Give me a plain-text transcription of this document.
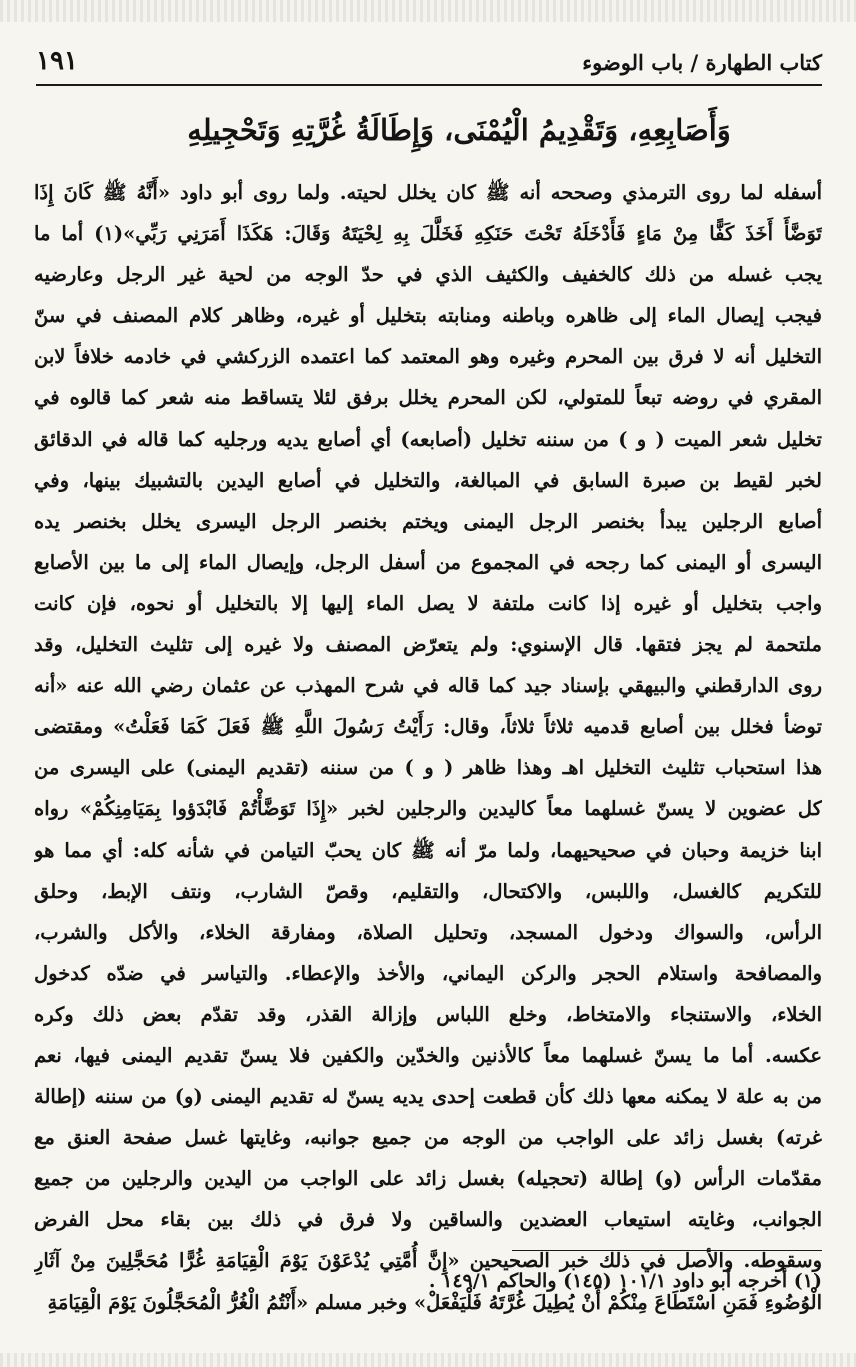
كتاب الطهارة / باب الوضوء
١٩١
وَأَصَابِعِهِ، وَتَقْدِيمُ الْيُمْنَى، وَإِطَالَةُ غُرَّتِهِ وَتَحْجِيلِهِ
أسفله لما روى الترمذي وصححه أنه ﷺ كان يخلل لحيته. ولما روى أبو داود «أَنَّهُ ﷺ كَانَ إِذَا
تَوَضَّأَ أَخَذَ كَفًّا مِنْ مَاءٍ فَأَدْخَلَهُ تَحْتَ حَنَكِهِ فَخَلَّلَ بِهِ لِحْيَتَهُ وَقَالَ: هَكَذَا أَمَرَنِي رَبِّي»(١) أما ما
يجب غسله من ذلك كالخفيف والكثيف الذي في حدّ الوجه من لحية غير الرجل وعارضيه
فيجب إيصال الماء إلى ظاهره وباطنه ومنابته بتخليل أو غيره، وظاهر كلام المصنف في سنّ
التخليل أنه لا فرق بين المحرم وغيره وهو المعتمد كما اعتمده الزركشي في خادمه خلافاً لابن
المقري في روضه تبعاً للمتولي، لكن المحرم يخلل برفق لئلا يتساقط منه شعر كما قالوه في
تخليل شعر الميت ( و ) من سننه تخليل (أصابعه) أي أصابع يديه ورجليه كما قاله في الدقائق
لخبر لقيط بن صبرة السابق في المبالغة، والتخليل في أصابع اليدين بالتشبيك بينها، وفي
أصابع الرجلين يبدأ بخنصر الرجل اليمنى ويختم بخنصر الرجل اليسرى يخلل بخنصر يده
اليسرى أو اليمنى كما رجحه في المجموع من أسفل الرجل، وإيصال الماء إلى ما بين الأصابع
واجب بتخليل أو غيره إذا كانت ملتفة لا يصل الماء إليها إلا بالتخليل أو نحوه، فإن كانت
ملتحمة لم يجز فتقها. قال الإسنوي: ولم يتعرّض المصنف ولا غيره إلى تثليث التخليل، وقد
روى الدارقطني والبيهقي بإسناد جيد كما قاله في شرح المهذب عن عثمان رضي الله عنه «أنه
توضأ فخلل بين أصابع قدميه ثلاثاً ثلاثاً، وقال: رَأَيْتُ رَسُولَ اللَّهِ ﷺ فَعَلَ كَمَا فَعَلْتُ» ومقتضى
هذا استحباب تثليث التخليل اهـ وهذا ظاهر ( و ) من سننه (تقديم اليمنى) على اليسرى من
كل عضوين لا يسنّ غسلهما معاً كاليدين والرجلين لخبر «إِذَا تَوَضَّأْتُمْ فَابْدَؤوا بِمَيَامِنِكُمْ» رواه
ابنا خزيمة وحبان في صحيحيهما، ولما مرّ أنه ﷺ كان يحبّ التيامن في شأنه كله: أي مما هو
للتكريم كالغسل، واللبس، والاكتحال، والتقليم، وقصّ الشارب، ونتف الإبط، وحلق
الرأس، والسواك ودخول المسجد، وتحليل الصلاة، ومفارقة الخلاء، والأكل والشرب،
والمصافحة واستلام الحجر والركن اليماني، والأخذ والإعطاء. والتياسر في ضدّه كدخول
الخلاء، والاستنجاء والامتخاط، وخلع اللباس وإزالة القذر، وقد تقدّم بعض ذلك وكره
عكسه. أما ما يسنّ غسلهما معاً كالأذنين والخدّين والكفين فلا يسنّ تقديم اليمنى فيها، نعم
من به علة لا يمكنه معها ذلك كأن قطعت إحدى يديه يسنّ له تقديم اليمنى (و) من سننه (إطالة
غرته) بغسل زائد على الواجب من الوجه من جميع جوانبه، وغايتها غسل صفحة العنق مع
مقدّمات الرأس (و) إطالة (تحجيله) بغسل زائد على الواجب من اليدين والرجلين من جميع
الجوانب، وغايته استيعاب العضدين والساقين ولا فرق في ذلك بين بقاء محل الفرض
وسقوطه. والأصل في ذلك خبر الصحيحين «إِنَّ أُمَّتِي يُدْعَوْنَ يَوْمَ الْقِيَامَةِ غُرًّا مُحَجَّلِينَ مِنْ آثَارِ
الْوُضُوءِ فَمَنِ اسْتَطَاعَ مِنْكُمْ أَنْ يُطِيلَ غُرَّتَهُ فَلْيَفْعَلْ» وخبر مسلم «أَنْتُمُ الْغُرُّ الْمُحَجَّلُونَ يَوْمَ الْقِيَامَةِ
(١) أخرجه أبو داود ١٠١/١ (١٤٥) والحاكم ١٤٩/١ .
